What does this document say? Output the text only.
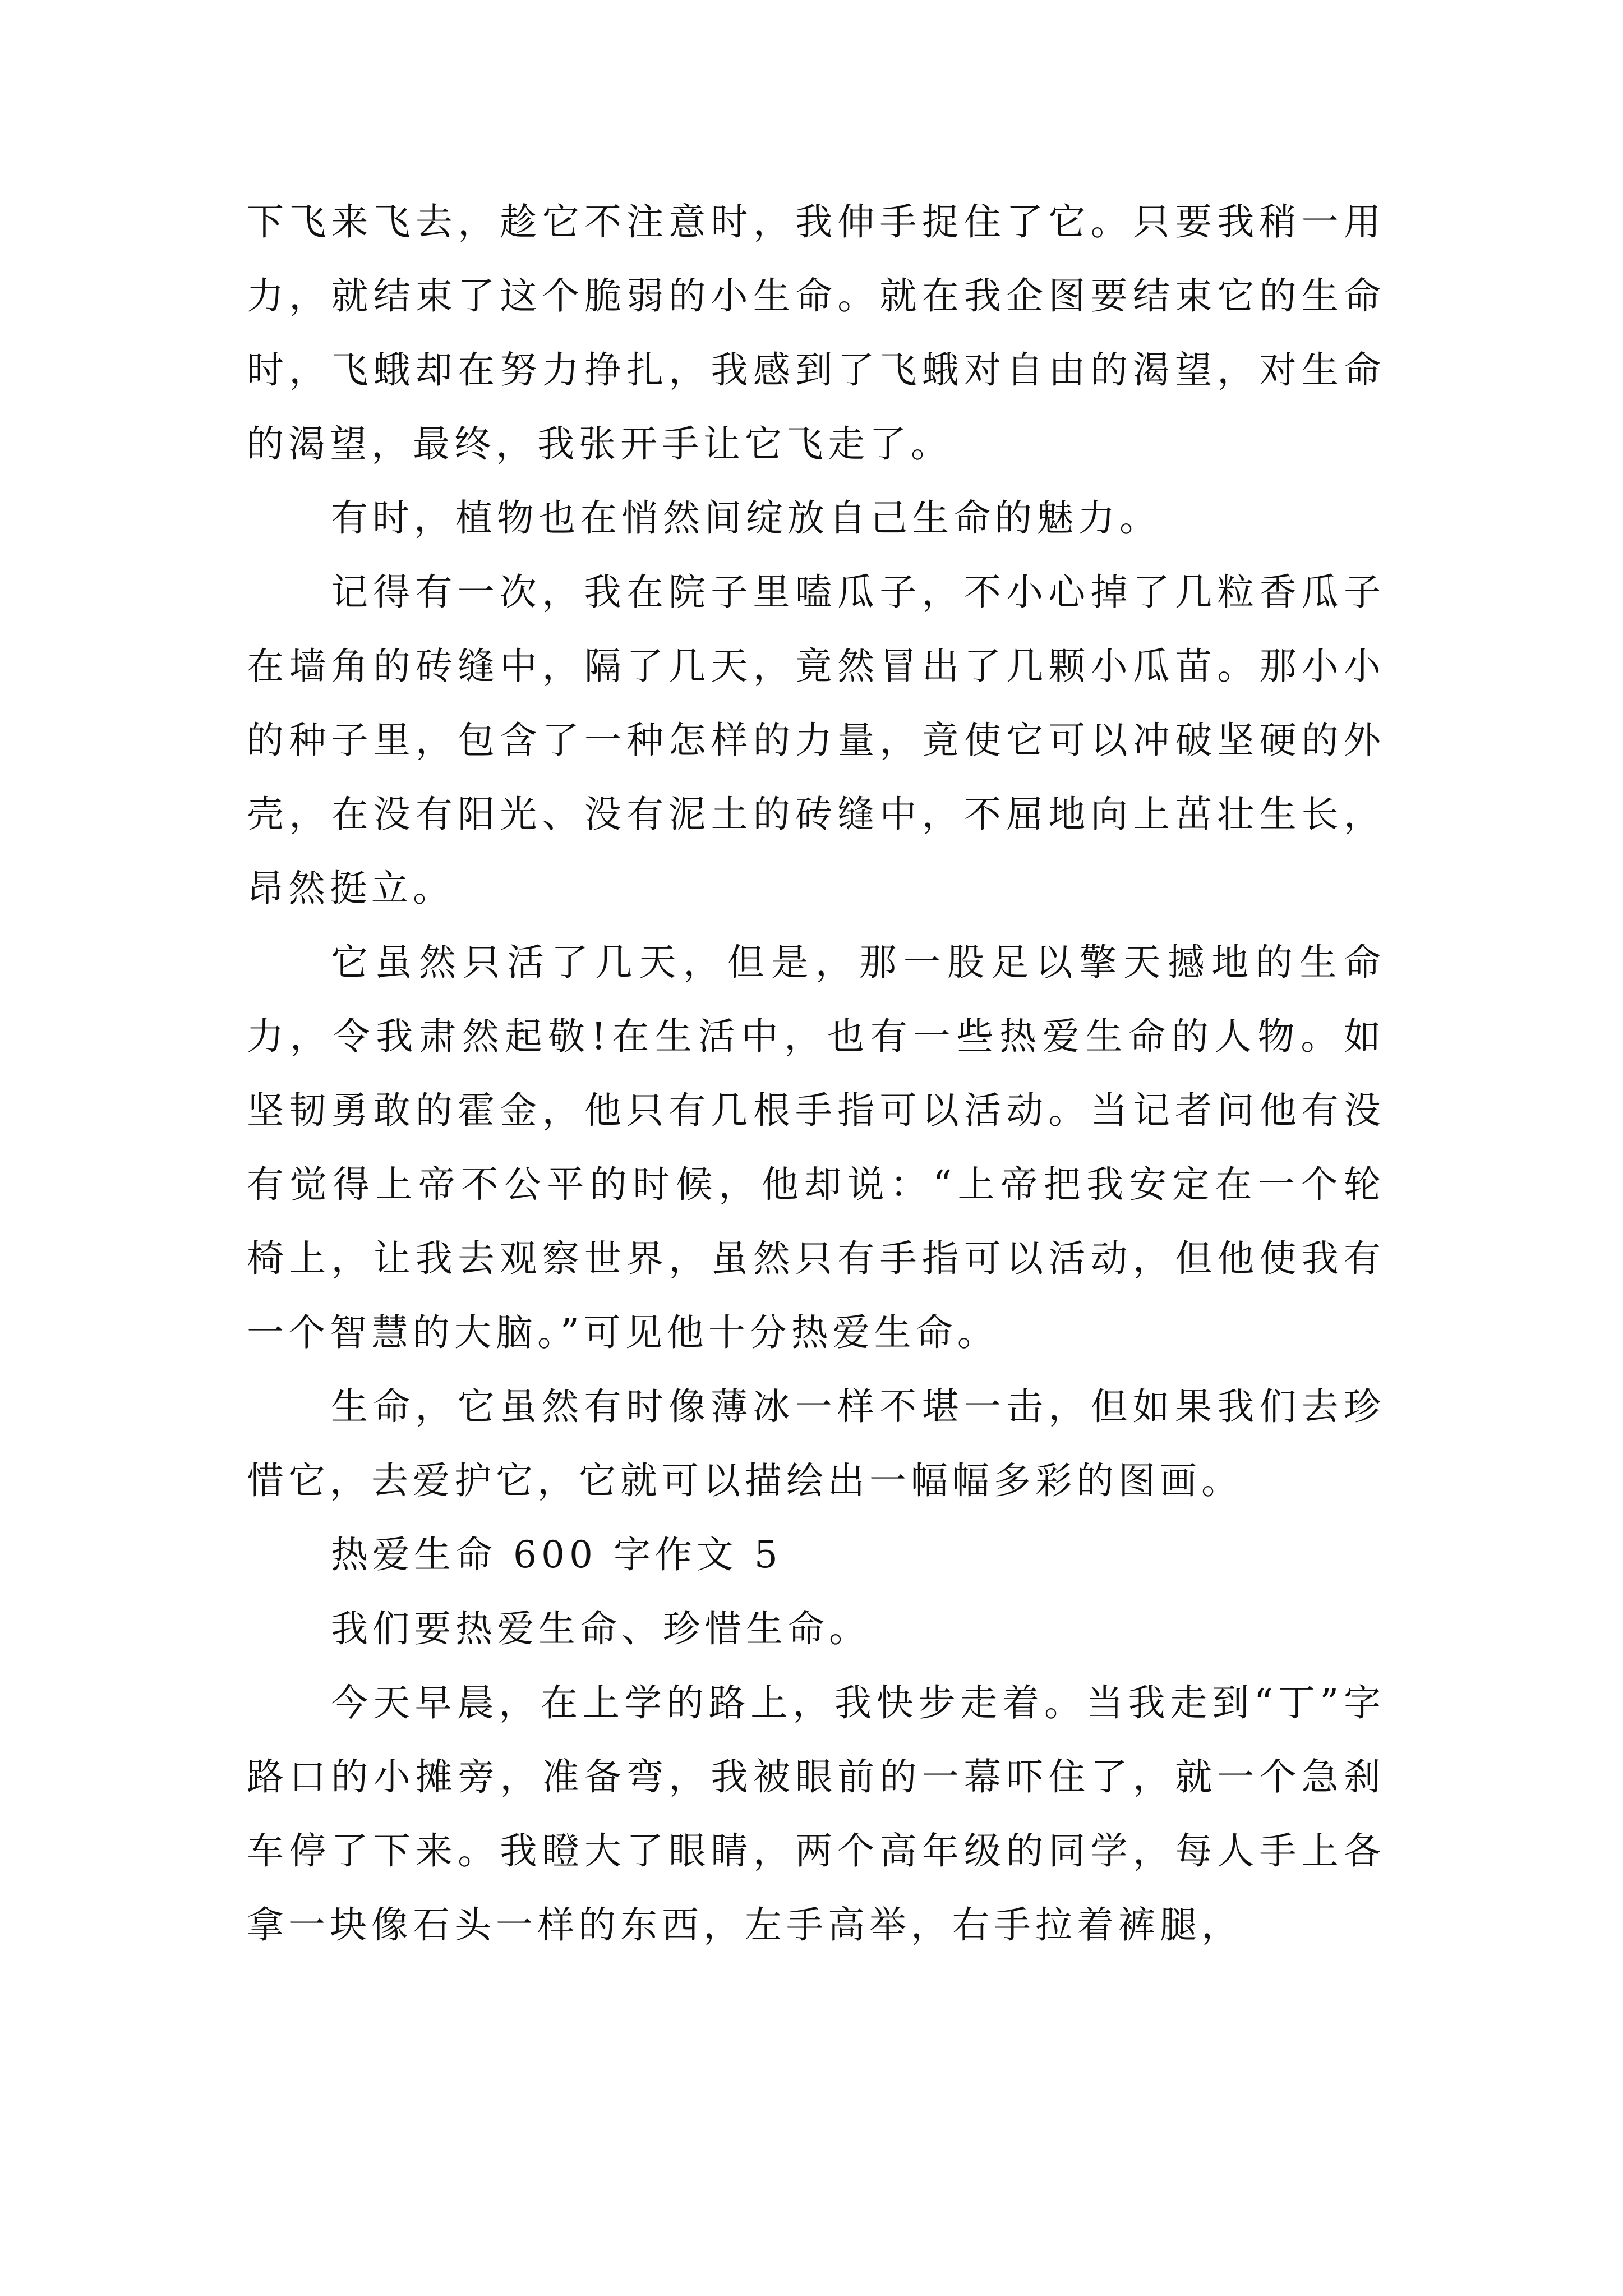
下飞来飞去，趁它不注意时，我伸手捉住了它。只要我稍一用力，就结束了这个脆弱的小生命。就在我企图要结束它的生命时，飞蛾却在努力挣扎，我感到了飞蛾对自由的渴望，对生命的渴望，最终，我张开手让它飞走了。

有时，植物也在悄然间绽放自己生命的魅力。

记得有一次，我在院子里嗑瓜子，不小心掉了几粒香瓜子在墙角的砖缝中，隔了几天，竟然冒出了几颗小瓜苗。那小小的种子里，包含了一种怎样的力量，竟使它可以冲破坚硬的外壳，在没有阳光、没有泥土的砖缝中，不屈地向上茁壮生长，昂然挺立。

它虽然只活了几天，但是，那一股足以擎天撼地的生命力，令我肃然起敬!在生活中，也有一些热爱生命的人物。如坚韧勇敢的霍金，他只有几根手指可以活动。当记者问他有没有觉得上帝不公平的时候，他却说：“上帝把我安定在一个轮椅上，让我去观察世界，虽然只有手指可以活动，但他使我有一个智慧的大脑。”可见他十分热爱生命。

生命，它虽然有时像薄冰一样不堪一击，但如果我们去珍惜它，去爱护它，它就可以描绘出一幅幅多彩的图画。

热爱生命 600 字作文 5

我们要热爱生命、珍惜生命。

今天早晨，在上学的路上，我快步走着。当我走到“丁”字路口的小摊旁，准备弯，我被眼前的一幕吓住了，就一个急刹车停了下来。我瞪大了眼睛，两个高年级的同学，每人手上各拿一块像石头一样的东西，左手高举，右手拉着裤腿，
